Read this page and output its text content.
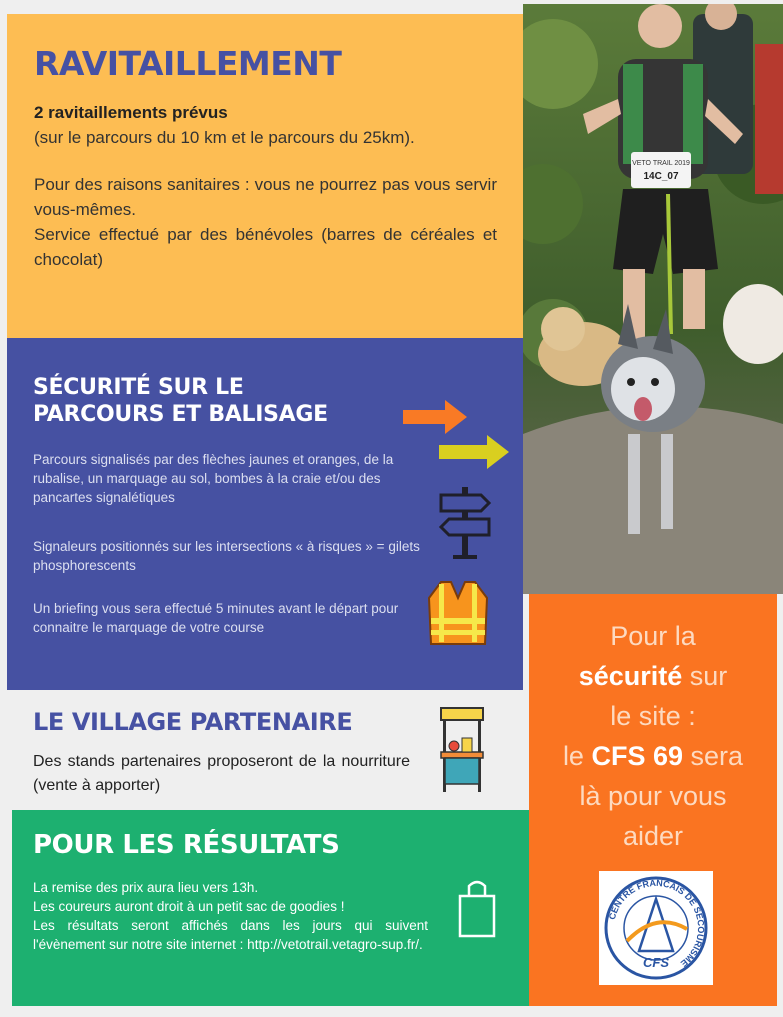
RAVITAILLEMENT
2 ravitaillements prévus

(sur le parcours du 10 km et le parcours du 25km).

Pour des raisons sanitaires : vous ne pourrez pas vous servir vous-mêmes.

Service effectué par des bénévoles (barres de céréales et chocolat)

VETO TRAIL 2019
14C_07
SÉCURITÉ SUR LE
PARCOURS ET BALISAGE
Parcours signalisés par des flèches jaunes et oranges, de la rubalise, un marquage au sol, bombes à la craie et/ou des pancartes signalétiques
Signaleurs positionnés sur les intersections « à risques » = gilets phosphorescents
Un briefing vous sera effectué 5 minutes avant le départ pour connaitre le marquage de votre course
LE VILLAGE PARTENAIRE

Des stands partenaires proposeront de la nourriture (vente à apporter)

POUR LES RÉSULTATS
La remise des prix aura lieu vers 13h.
Les coureurs auront droit à un petit sac de goodies !
Les résultats seront affichés dans les jours qui suivent l'évènement sur notre site internet : http://vetotrail.vetagro-sup.fr/.
Pour la
sécurité sur
le site :
le CFS 69 sera
là pour vous
aider
CENTRE FRANCAIS DE SECOURISME
CFS
